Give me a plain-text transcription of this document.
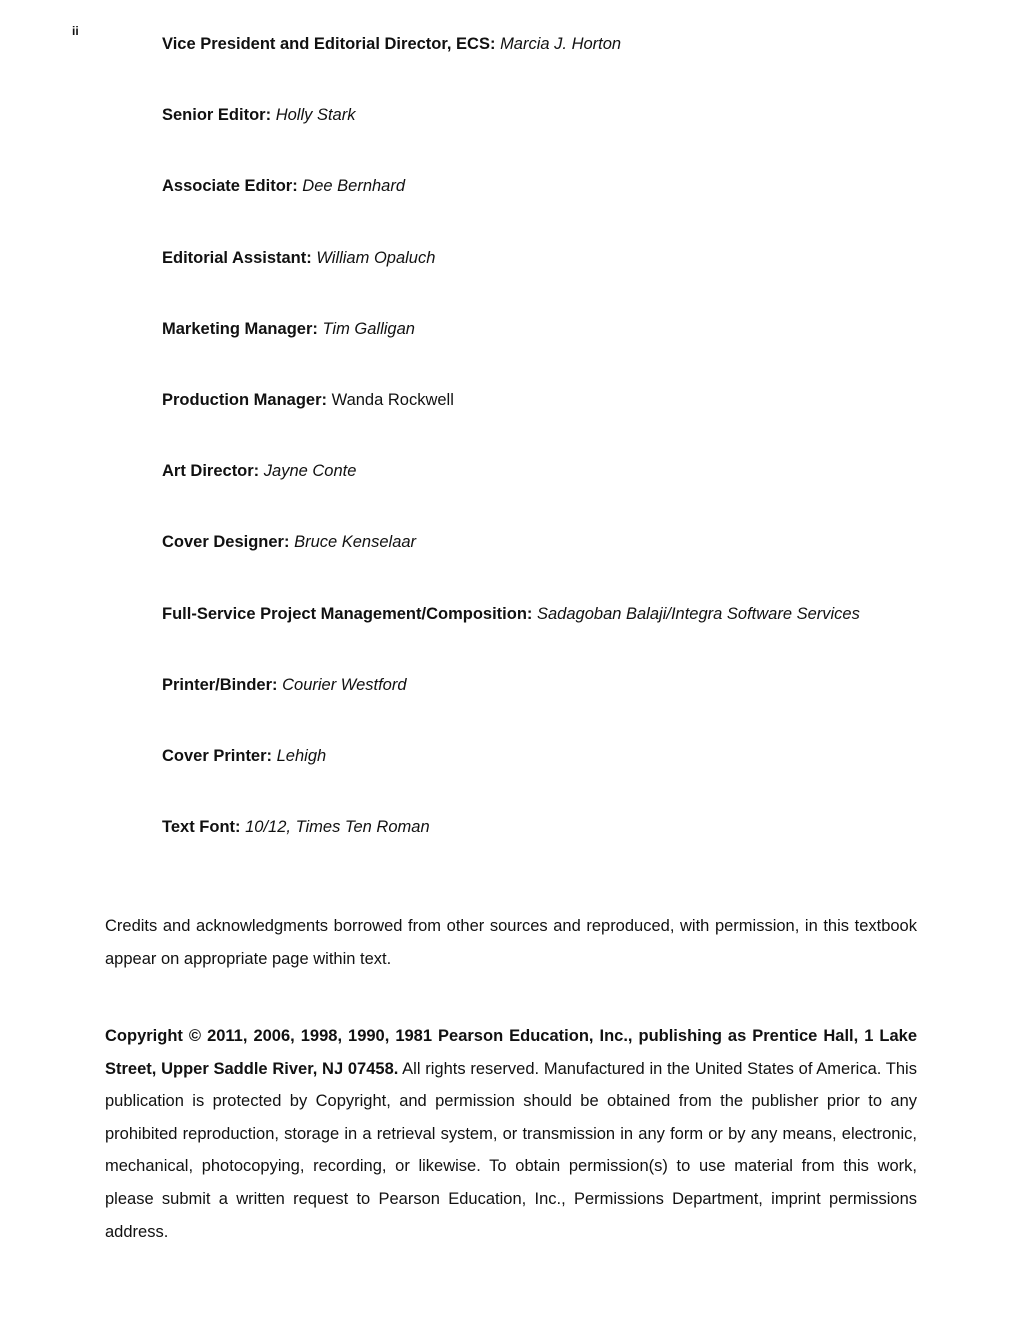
ii
Vice President and Editorial Director, ECS: Marcia J. Horton
Senior Editor: Holly Stark
Associate Editor: Dee Bernhard
Editorial Assistant: William Opaluch
Marketing Manager: Tim Galligan
Production Manager: Wanda Rockwell
Art Director: Jayne Conte
Cover Designer: Bruce Kenselaar
Full-Service Project Management/Composition: Sadagoban Balaji/Integra Software Services
Printer/Binder: Courier Westford
Cover Printer: Lehigh
Text Font: 10/12, Times Ten Roman

Credits and acknowledgments borrowed from other sources and reproduced, with permission, in this textbook appear on appropriate page within text.

Copyright © 2011, 2006, 1998, 1990, 1981 Pearson Education, Inc., publishing as Prentice Hall, 1 Lake Street, Upper Saddle River, NJ 07458. All rights reserved. Manufactured in the United States of America. This publication is protected by Copyright, and permission should be obtained from the publisher prior to any prohibited reproduction, storage in a retrieval system, or transmission in any form or by any means, electronic, mechanical, photocopying, recording, or likewise. To obtain permission(s) to use material from this work, please submit a written request to Pearson Education, Inc., Permissions Department, imprint permissions address.
